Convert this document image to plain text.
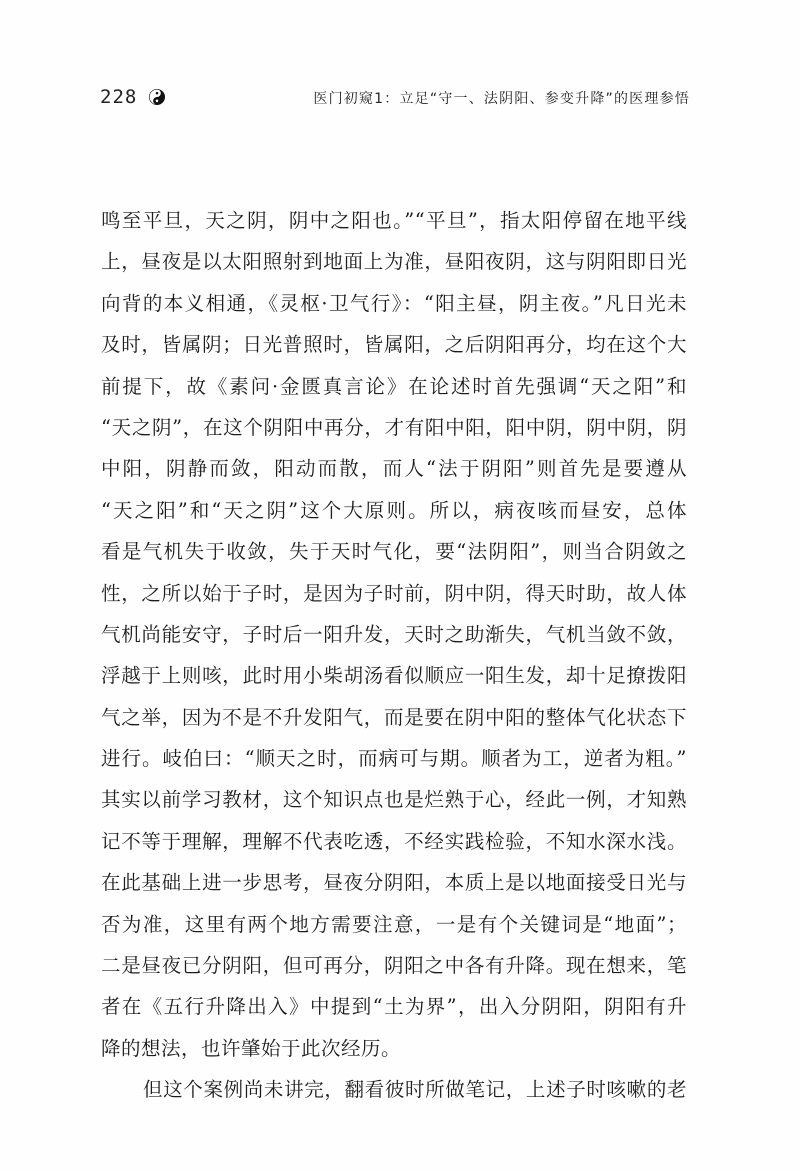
228	医门初窥1：立足“守一、法阴阳、参变升降”的医理参悟
鸣至平旦，天之阴，阴中之阳也。”“平旦”，指太阳停留在地平线
上，昼夜是以太阳照射到地面上为准，昼阳夜阴，这与阴阳即日光
向背的本义相通，《灵枢·卫气行》：“阳主昼，阴主夜。”凡日光未
及时，皆属阴；日光普照时，皆属阳，之后阴阳再分，均在这个大
前提下，故《素问·金匮真言论》在论述时首先强调“天之阳”和
“天之阴”，在这个阴阳中再分，才有阳中阳，阳中阴，阴中阴，阴
中阳，阴静而敛，阳动而散，而人“法于阴阳”则首先是要遵从
“天之阳”和“天之阴”这个大原则。所以，病夜咳而昼安，总体
看是气机失于收敛，失于天时气化，要“法阴阳”，则当合阴敛之
性，之所以始于子时，是因为子时前，阴中阴，得天时助，故人体
气机尚能安守，子时后一阳升发，天时之助渐失，气机当敛不敛，
浮越于上则咳，此时用小柴胡汤看似顺应一阳生发，却十足撩拨阳
气之举，因为不是不升发阳气，而是要在阴中阳的整体气化状态下
进行。岐伯曰：“顺天之时，而病可与期。顺者为工，逆者为粗。”
其实以前学习教材，这个知识点也是烂熟于心，经此一例，才知熟
记不等于理解，理解不代表吃透，不经实践检验，不知水深水浅。
在此基础上进一步思考，昼夜分阴阳，本质上是以地面接受日光与
否为准，这里有两个地方需要注意，一是有个关键词是“地面”；
二是昼夜已分阴阳，但可再分，阴阳之中各有升降。现在想来，笔
者在《五行升降出入》中提到“土为界”，出入分阴阳，阴阳有升
降的想法，也许肇始于此次经历。
但这个案例尚未讲完，翻看彼时所做笔记，上述子时咳嗽的老
